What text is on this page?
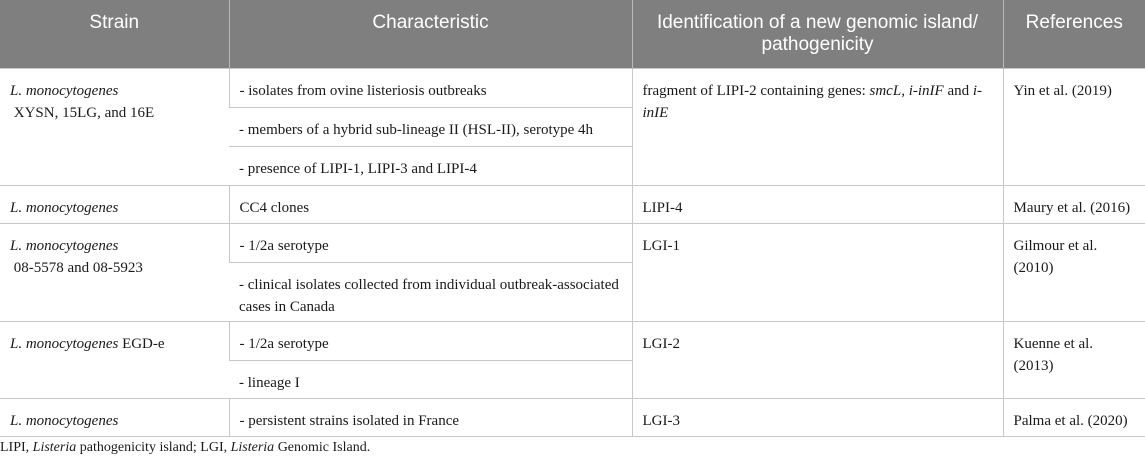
Strain	Characteristic	Identification of a new genomic island/ pathogenicity	References
L. monocytogenes XYSN, 15LG, and 16E	- isolates from ovine listeriosis outbreaks	fragment of LIPI-2 containing genes: smcL, i-inIF and i-inIE	Yin et al. (2019)
	- members of a hybrid sub-lineage II (HSL-II), serotype 4h		
	- presence of LIPI-1, LIPI-3 and LIPI-4		
L. monocytogenes	CC4 clones	LIPI-4	Maury et al. (2016)
L. monocytogenes 08-5578 and 08-5923	- 1/2a serotype	LGI-1	Gilmour et al. (2010)
	- clinical isolates collected from individual outbreak-associated cases in Canada		
L. monocytogenes EGD-e	- 1/2a serotype	LGI-2	Kuenne et al. (2013)
	- lineage I		
L. monocytogenes	- persistent strains isolated in France	LGI-3	Palma et al. (2020)
LIPI, Listeria pathogenicity island; LGI, Listeria Genomic Island.
